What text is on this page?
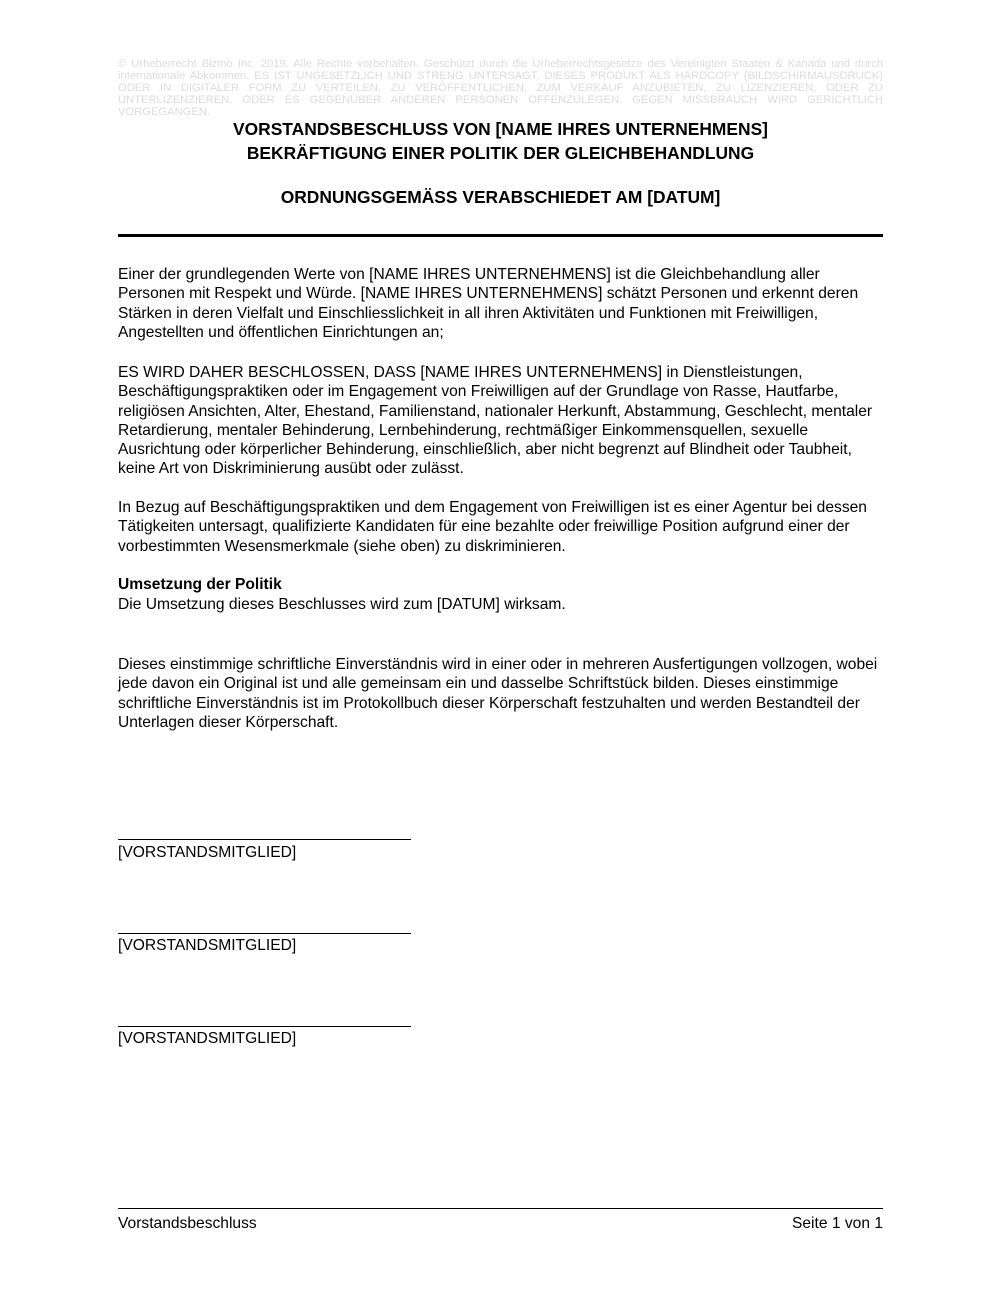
© Urheberrecht Bizmo Inc. 2019. Alle Rechte vorbehalten. Geschützt durch die Urheberrechtsgesetze des Vereinigten Staaten & Kanada und durch internationale Abkommen. ES IST UNGESETZLICH UND STRENG UNTERSAGT, DIESES PRODUKT ALS HARDCOPY (BILDSCHIRMAUSDRUCK) ODER IN DIGITALER FORM ZU VERTEILEN, ZU VERÖFFENTLICHEN, ZUM VERKAUF ANZUBIETEN, ZU LIZENZIEREN, ODER ZU UNTERLIZENZIEREN, ODER ES GEGENÜBER ANDEREN PERSONEN OFFENZULEGEN. GEGEN MISSBRAUCH WIRD GERICHTLICH VORGEGANGEN.
VORSTANDSBESCHLUSS VON [NAME IHRES UNTERNEHMENS]
BEKRÄFTIGUNG EINER POLITIK DER GLEICHBEHANDLUNG
ORDNUNGSGEMÄSS VERABSCHIEDET AM [DATUM]
Einer der grundlegenden Werte von [NAME IHRES UNTERNEHMENS] ist die Gleichbehandlung aller Personen mit Respekt und Würde. [NAME IHRES UNTERNEHMENS] schätzt Personen und erkennt deren Stärken in deren Vielfalt und Einschliesslichkeit in all ihren Aktivitäten und Funktionen mit Freiwilligen, Angestellten und öffentlichen Einrichtungen an;
ES WIRD DAHER BESCHLOSSEN, DASS [NAME IHRES UNTERNEHMENS] in Dienstleistungen, Beschäftigungspraktiken oder im Engagement von Freiwilligen auf der Grundlage von Rasse, Hautfarbe, religiösen Ansichten, Alter, Ehestand, Familienstand, nationaler Herkunft, Abstammung, Geschlecht, mentaler Retardierung, mentaler Behinderung, Lernbehinderung, rechtmäßiger Einkommensquellen, sexuelle Ausrichtung oder körperlicher Behinderung, einschließlich, aber nicht begrenzt auf Blindheit oder Taubheit, keine Art von Diskriminierung ausübt oder zulässt.
In Bezug auf Beschäftigungspraktiken und dem Engagement von Freiwilligen ist es einer Agentur bei dessen Tätigkeiten untersagt, qualifizierte Kandidaten für eine bezahlte oder freiwillige Position aufgrund einer der vorbestimmten Wesensmerkmale (siehe oben) zu diskriminieren.
Umsetzung der Politik
Die Umsetzung dieses Beschlusses wird zum [DATUM] wirksam.
Dieses einstimmige schriftliche Einverständnis wird in einer oder in mehreren Ausfertigungen vollzogen, wobei jede davon ein Original ist und alle gemeinsam ein und dasselbe Schriftstück bilden. Dieses einstimmige schriftliche Einverständnis ist im Protokollbuch dieser Körperschaft festzuhalten und werden Bestandteil der Unterlagen dieser Körperschaft.
[VORSTANDSMITGLIED]
[VORSTANDSMITGLIED]
[VORSTANDSMITGLIED]
Vorstandsbeschluss	Seite 1 von 1
